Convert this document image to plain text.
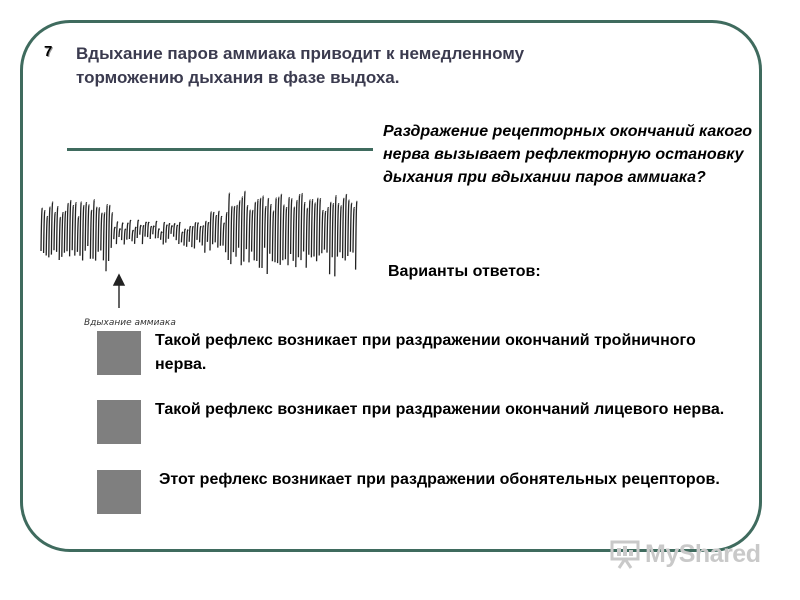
7 Вдыхание паров аммиака приводит к немедленному торможению дыхания в фазе выдоха.
Вдыхание аммиака
Раздражение рецепторных окончаний какого нерва вызывает рефлекторную остановку дыхания при вдыхании паров аммиака?
Варианты ответов:
Такой рефлекс возникает при раздражении окончаний тройничного нерва.
Такой рефлекс возникает при раздражении окончаний лицевого нерва.
Этот рефлекс возникает при раздражении обонятельных рецепторов.
MyShared
